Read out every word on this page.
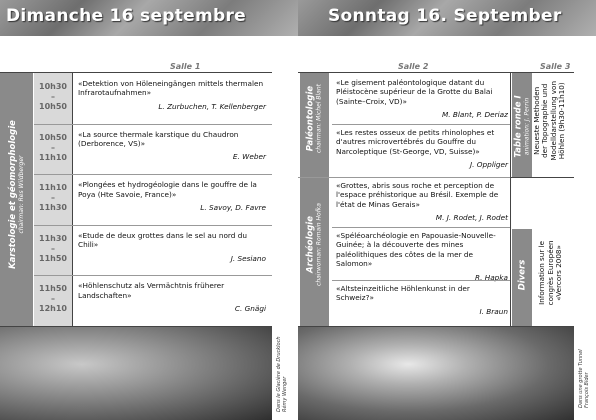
Dimanche 16 septembre
Salle 1
Karstologie et géomorphologie chairman: Res Wildberger
10h30
–
10h50
«Detektion von Höleneingängen mittels thermalen Infrarotaufnahmen»
L. Zurbuchen, T. Kellenberger
10h50
–
11h10
«La source thermale karstique du Chaudron (Derborence, VS)»
E. Weber
11h10
–
11h30
«Plongées et hydrogéologie dans le gouffre de la Poya (Hte Savoie, France)»
L. Savoy, D. Favre
11h30
–
11h50
«Etude de deux grottes dans le sel au nord du Chili»
J. Sesiano
11h50
–
12h10
«Höhlenschutz als Vermächtnis früherer Landschaften»
C. Gnägi
Dans le Glacière de Druckloch Rémy Wenger
Sonntag 16. September
Salle 2	Salle 3
Paléontologie chairman: Michel Blant
Archéologie chairwoman: Romain Hofka
«Le gisement paléontologique datant du Pléistocène supérieur de la Grotte du Balai (Sainte–Croix, VD)»
M. Blant, P. Deriaz
«Les restes osseux de petits rhinolophes et d'autres microvertébrés du Gouffre du Narcoleptique (St-George, VD, Suisse)»
J. Oppliger
«Grottes, abris sous roche et perception de l'espace préhistorique au Brésil. Exemple de l'état de Minas Gerais»
M. J. Rodet, J. Rodet
«Spéléoarchéologie en Papouasie-Nouvelle-Guinée; à la découverte des mines paléolithiques des côtes de la mer de Salomon»
R. Hapka
«Altsteinzeitliche Höhlenkunst in der Schweiz?»
I. Braun
Table ronde I animation: J. Perrin Neueste Methoden der Topographie und Modelldarstellung von Höhlen (9h30-11h10)
Divers Information sur le congrès Européen «Vercors 2008»
Dans une grotte Tunnel François Bider
